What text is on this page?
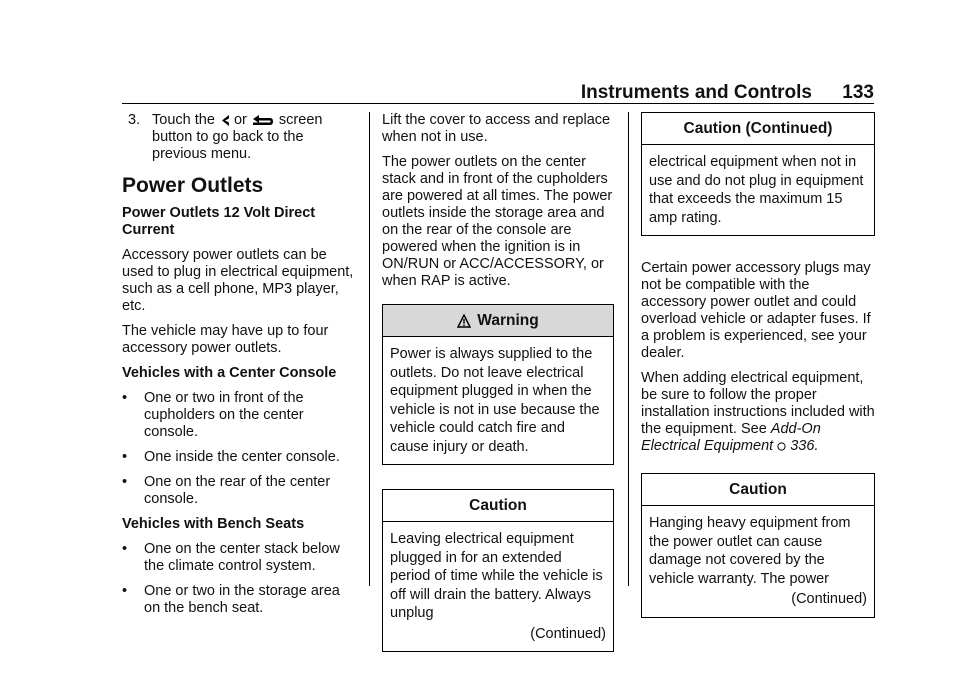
Instruments and Controls 133
3. Touch the or screen button to go back to the previous menu.
Power Outlets
Power Outlets 12 Volt Direct Current

Accessory power outlets can be used to plug in electrical equipment, such as a cell phone, MP3 player, etc.

The vehicle may have up to four accessory power outlets.

Vehicles with a Center Console
•	One or two in front of the cupholders on the center console.
•	One inside the center console.
•	One on the rear of the center console.
Vehicles with Bench Seats
•	One on the center stack below the climate control system.
•	One or two in the storage area on the bench seat.

Lift the cover to access and replace when not in use.

The power outlets on the center stack and in front of the cupholders are powered at all times. The power outlets inside the storage area and on the rear of the console are powered when the ignition is in ON/RUN or ACC/ACCESSORY, or when RAP is active.

Warning
Power is always supplied to the outlets. Do not leave electrical equipment plugged in when the vehicle is not in use because the vehicle could catch fire and cause injury or death.
Caution
Leaving electrical equipment plugged in for an extended period of time while the vehicle is off will drain the battery. Always unplug
(Continued)
Caution (Continued)
electrical equipment when not in use and do not plug in equipment that exceeds the maximum 15 amp rating.

Certain power accessory plugs may not be compatible with the accessory power outlet and could overload vehicle or adapter fuses. If a problem is experienced, see your dealer.

When adding electrical equipment, be sure to follow the proper installation instructions included with the equipment. See Add-On Electrical Equipment 336.

Caution
Hanging heavy equipment from the power outlet can cause damage not covered by the vehicle warranty. The power
(Continued)
